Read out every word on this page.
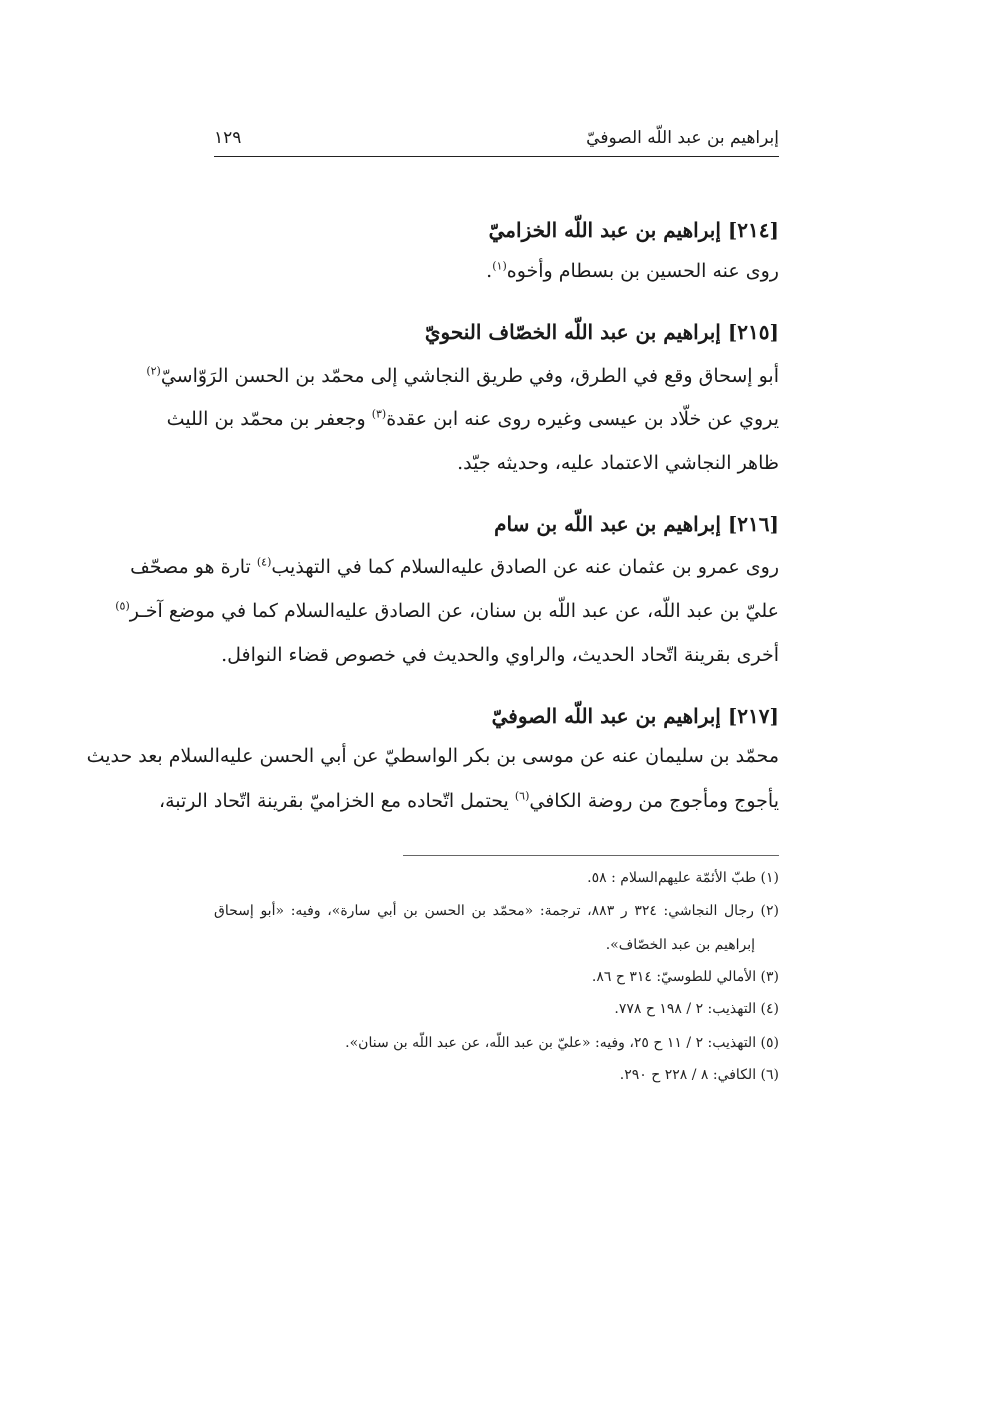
إبراهيم بن عبد اللّه الصوفيّ
١٢٩
[٢١٤] إبراهيم بن عبد اللّه الخزاميّ
روى عنه الحسين بن بسطام وأخوه$^{(١)}$.
[٢١٥] إبراهيم بن عبد اللّه الخصّاف النحويّ
أبو إسحاق وقع في الطرق، وفي طريق النجاشي إلى محمّد بن الحسن الرَوّاسيّ$^{(٢)}$
يروي عن خلّاد بن عيسى وغيره روى عنه ابن عقدة$^{(٣)}$ وجعفر بن محمّد بن الليث
ظاهر النجاشي الاعتماد عليه، وحديثه جيّد.
[٢١٦] إبراهيم بن عبد اللّه بن سام
روى عمرو بن عثمان عنه عن الصادق عليه‌السلام كما في التهذيب$^{(٤)}$ تارة هو مصحّف
عليّ بن عبد اللّه، عن عبد اللّه بن سنان، عن الصادق عليه‌السلام كما في موضع آخـر$^{(٥)}$
أخرى بقرينة اتّحاد الحديث، والراوي والحديث في خصوص قضاء النوافل.
[٢١٧] إبراهيم بن عبد اللّه الصوفيّ
محمّد بن سليمان عنه عن موسى بن بكر الواسطيّ عن أبي الحسن عليه‌السلام بعد حديث
يأجوج ومأجوج من روضة الكافي$^{(٦)}$ يحتمل اتّحاده مع الخزاميّ بقرينة اتّحاد الرتبة،
(١) طبّ الأئمّة عليهم‌السلام : ٥٨.
(٢) رجال النجاشي: ٣٢٤ ر ٨٨٣، ترجمة: «محمّد بن الحسن بن أبي سارة»، وفيه: «أبو إسحاق
إبراهيم بن عبد الخصّاف».
(٣) الأمالي للطوسيّ: ٣١٤ ح ٨٦.
(٤) التهذيب: ٢ / ١٩٨ ح ٧٧٨.
(٥) التهذيب: ٢ / ١١ ح ٢٥، وفيه: «عليّ بن عبد اللّه، عن عبد اللّه بن سنان».
(٦) الكافي: ٨ / ٢٢٨ ح ٢٩٠.
